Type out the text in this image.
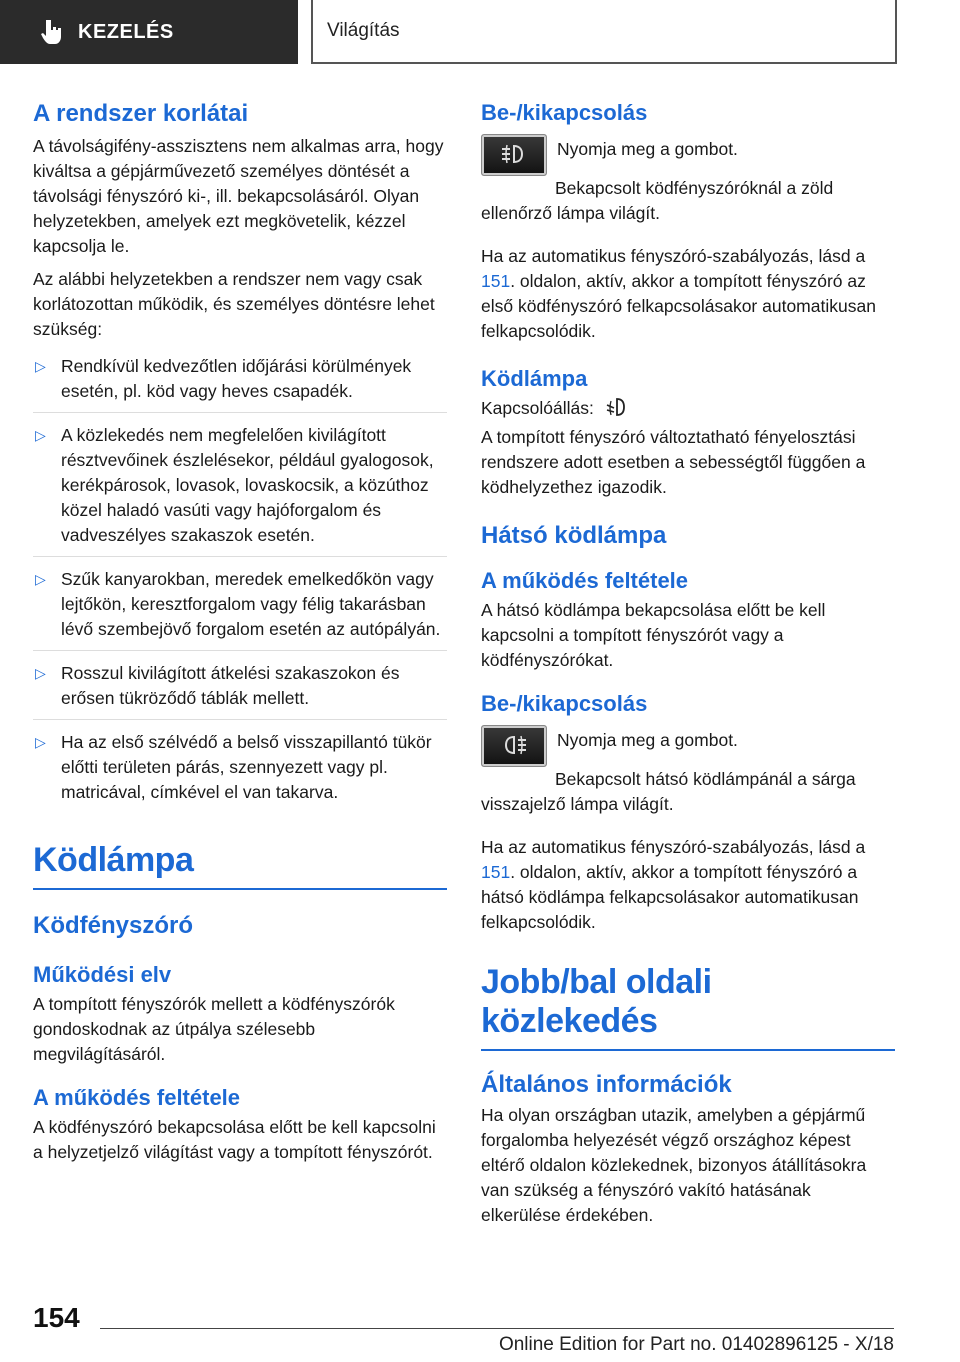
KEZELÉS	Világítás
A rendszer korlátai

A távolságifény-asszisztens nem alkalmas arra, hogy kiváltsa a gépjárművezető személyes döntését a távolsági fényszóró ki-, ill. bekapcsolásáról. Olyan helyzetekben, amelyek ezt megkövetelik, kézzel kapcsolja le.

Az alábbi helyzetekben a rendszer nem vagy csak korlátozottan működik, és személyes döntésre lehet szükség:

▷ Rendkívül kedvezőtlen időjárási körülmények esetén, pl. köd vagy heves csapadék.
▷ A közlekedés nem megfelelően kivilágított résztvevőinek észlelésekor, például gyalogosok, kerékpárosok, lovasok, lovaskocsik, a közúthoz közel haladó vasúti vagy hajóforgalom és vadveszélyes szakaszok esetén.
▷ Szűk kanyarokban, meredek emelkedőkön vagy lejtőkön, keresztforgalom vagy félig takarásban lévő szembejövő forgalom esetén az autópályán.
▷ Rosszul kivilágított átkelési szakaszokon és erősen tükröződő táblák mellett.
▷ Ha az első szélvédő a belső visszapillantó tükör előtti területen párás, szennyezett vagy pl. matricával, címkével el van takarva.
Ködlámpa
Ködfényszóró
Működési elv

A tompított fényszórók mellett a ködfényszórók gondoskodnak az útpálya szélesebb megvilágításáról.

A működés feltétele

A ködfényszóró bekapcsolása előtt be kell kapcsolni a helyzetjelző világítást vagy a tompított fényszórót.

Be-/kikapcsolás

Nyomja meg a gombot.

Bekapcsolt ködfényszóróknál a zöld ellenőrző lámpa világít.

Ha az automatikus fényszóró-szabályozás, lásd a 151. oldalon, aktív, akkor a tompított fényszóró az első ködfényszóró felkapcsolásakor automatikusan felkapcsolódik.

Ködlámpa

Kapcsolóállás:

A tompított fényszóró változtatható fényelosztási rendszere adott esetben a sebességtől függően a ködhelyzethez igazodik.

Hátsó ködlámpa
A működés feltétele

A hátsó ködlámpa bekapcsolása előtt be kell kapcsolni a tompított fényszórót vagy a ködfényszórókat.

Be-/kikapcsolás

Nyomja meg a gombot.

Bekapcsolt hátsó ködlámpánál a sárga visszajelző lámpa világít.

Ha az automatikus fényszóró-szabályozás, lásd a 151. oldalon, aktív, akkor a tompított fényszóró a hátsó ködlámpa felkapcsolásakor automatikusan felkapcsolódik.

Jobb/bal oldali közlekedés
Általános információk

Ha olyan országban utazik, amelyben a gépjármű forgalomba helyezését végző országhoz képest eltérő oldalon közlekednek, bizonyos átállításokra van szükség a fényszóró vakító hatásának elkerülése érdekében.

154
Online Edition for Part no. 01402896125 - X/18
